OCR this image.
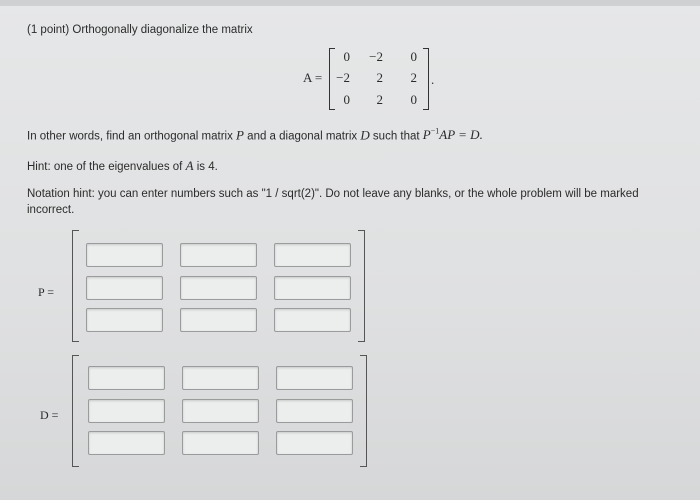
(1 point) Orthogonally diagonalize the matrix
A =
0	−2	0
−2	2	2
0	2	0
.
In other words, find an orthogonal matrix P and a diagonal matrix D such that $P^{-1}AP = D$.
Hint: one of the eigenvalues of A is 4.
Notation hint: you can enter numbers such as "1 / sqrt(2)". Do not leave any blanks, or the whole problem will be marked
incorrect.
P =
D =
